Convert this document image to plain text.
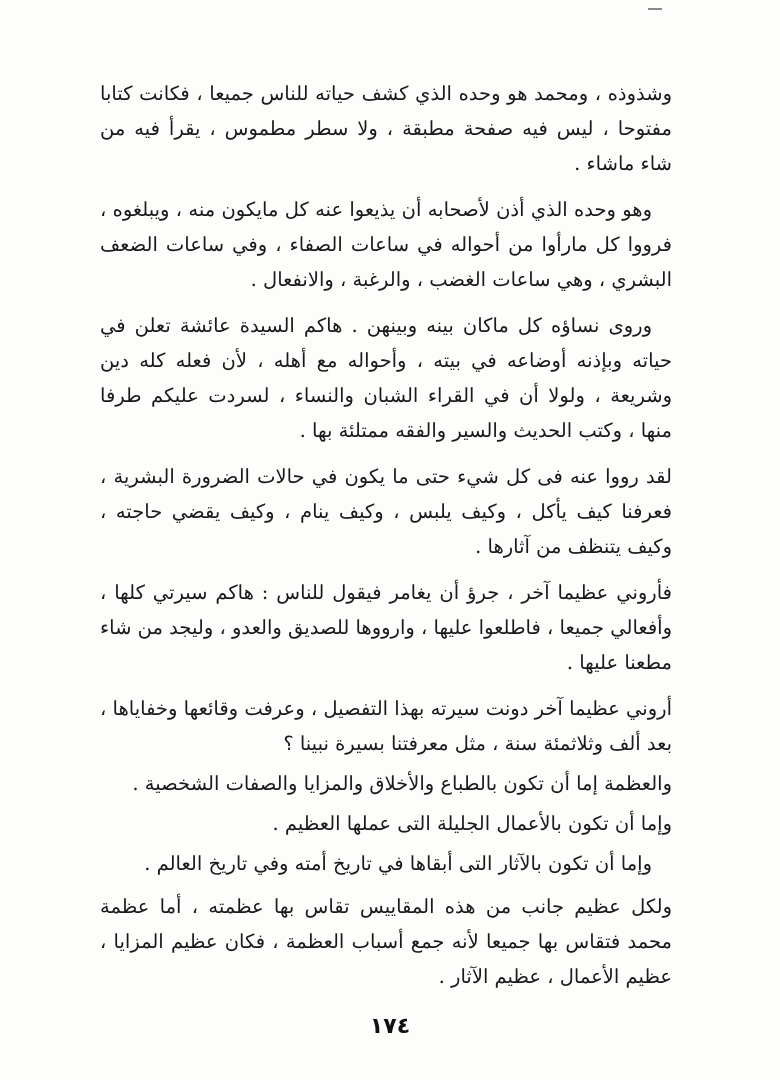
وشذوذه ، ومحمد هو وحده الذي كشف حياته للناس جميعا ، فكانت كتابا مفتوحا ، ليس فيه صفحة مطبقة ، ولا سطر مطموس ، يقرأ فيه من شاء ماشاء .

وهو وحده الذي أذن لأصحابه أن يذيعوا عنه كل مايكون منه ، ويبلغوه ، فرووا كل مارأوا من أحواله في ساعات الصفاء ، وفي ساعات الضعف البشري ، وهي ساعات الغضب ، والرغبة ، والانفعال .

وروى نساؤه كل ماكان بينه وبينهن . هاكم السيدة عائشة تعلن في حياته وبإذنه أوضاعه في بيته ، وأحواله مع أهله ، لأن فعله كله دين وشريعة ، ولولا أن في القراء الشبان والنساء ، لسردت عليكم طرفا منها ، وكتب الحديث والسير والفقه ممتلئة بها .

لقد رووا عنه فى كل شيء حتى ما يكون في حالات الضرورة البشرية ، فعرفنا كيف يأكل ، وكيف يلبس ، وكيف ينام ، وكيف يقضي حاجته ، وكيف يتنظف من آثارها .

فأروني عظيما آخر ، جرؤ أن يغامر فيقول للناس : هاكم سيرتي كلها ، وأفعالي جميعا ، فاطلعوا عليها ، وارووها للصديق والعدو ، وليجد من شاء مطعنا عليها .

أروني عظيما آخر دونت سيرته بهذا التفصيل ، وعرفت وقائعها وخفاياها ، بعد ألف وثلاثمئة سنة ، مثل معرفتنا بسيرة نبينا ؟

والعظمة إما أن تكون بالطباع والأخلاق والمزايا والصفات الشخصية .

وإما أن تكون بالأعمال الجليلة التى عملها العظيم .

وإما أن تكون بالآثار التى أبقاها في تاريخ أمته وفي تاريخ العالم .

ولكل عظيم جانب من هذه المقاييس تقاس بها عظمته ، أما عظمة محمد فتقاس بها جميعا لأنه جمع أسباب العظمة ، فكان عظيم المزايا ، عظيم الأعمال ، عظيم الآثار .

١٧٤
